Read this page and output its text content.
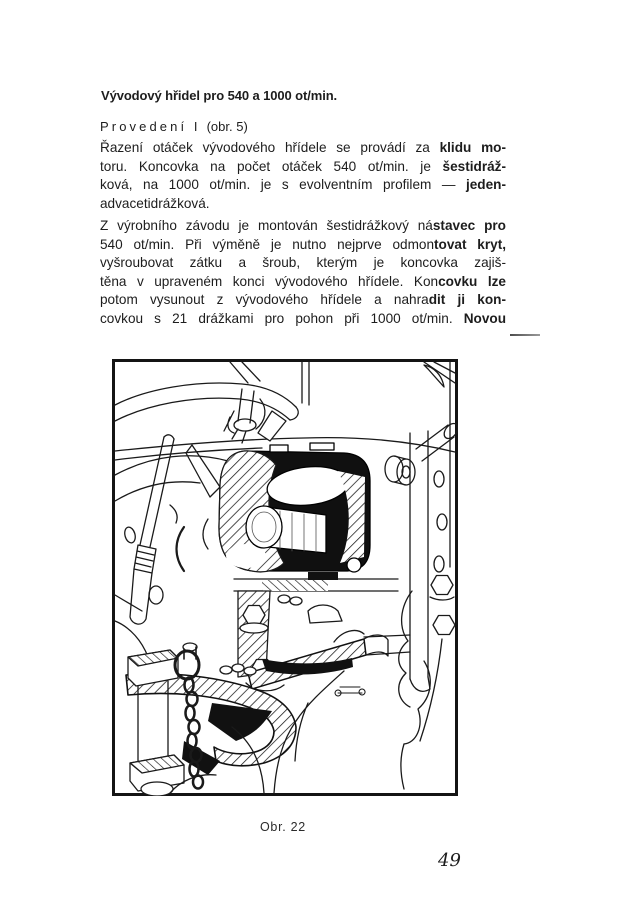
Vývodový hřidel pro 540 a 1000 ot/min.
Provedení I (obr. 5)
Řazení otáček vývodového hřídele se provádí za klidu mo-
toru. Koncovka na počet otáček 540 ot/min. je šestidráž-
ková, na 1000 ot/min. je s evolventním profilem — jeden-
advacetidrážková.
Z výrobního závodu je montován šestidrážkový nástavec pro
540 ot/min. Při výměně je nutno nejprve odmontovat kryt,
vyšroubovat zátku a šroub, kterým je koncovka zajiš-
těna v upraveném konci vývodového hřídele. Koncovku lze
potom vysunout z vývodového hřídele a nahradit ji kon-
covkou s 21 drážkami pro pohon při 1000 ot/min. Novou
Obr. 22
49
